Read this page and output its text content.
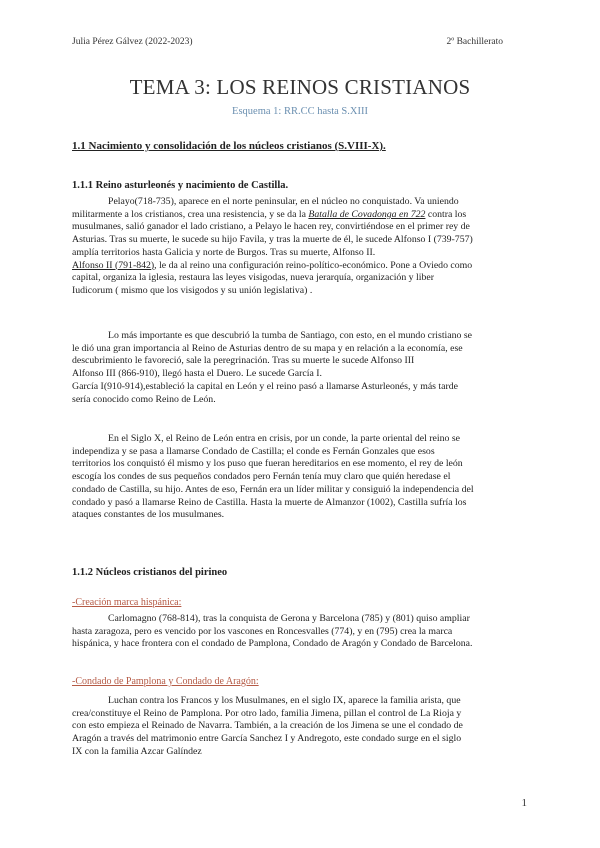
Julia Pérez Gálvez (2022-2023)	2º Bachillerato
TEMA 3: LOS REINOS CRISTIANOS
Esquema 1: RR.CC hasta S.XIII
1.1 Nacimiento y consolidación de los núcleos cristianos (S.VIII-X).
1.1.1 Reino asturleonés y nacimiento de Castilla.
Pelayo(718-735), aparece en el norte peninsular, en el núcleo no conquistado. Va uniendo
militarmente a los cristianos, crea una resistencia, y se da la Batalla de Covadonga en 722 contra los
musulmanes, salió ganador el lado cristiano, a Pelayo le hacen rey, convirtiéndose en el primer rey de
Asturias. Tras su muerte, le sucede su hijo Favila, y tras la muerte de él, le sucede Alfonso I (739-757)
amplía territorios hasta Galicia y norte de Burgos. Tras su muerte, Alfonso II.
Alfonso II (791-842), le da al reino una configuración reino-político-económico. Pone a Oviedo como
capital, organiza la iglesia, restaura las leyes visigodas, nueva jerarquía, organización y liber
Iudicorum ( mismo que los visigodos y su unión legislativa) .
Lo más importante es que descubrió la tumba de Santiago, con esto, en el mundo cristiano se
le dió una gran importancia al Reino de Asturias dentro de su mapa y en relación a la economía, ese
descubrimiento le favoreció, sale la peregrinación. Tras su muerte le sucede Alfonso III
Alfonso III (866-910), llegó hasta el Duero. Le sucede García I.
García I(910-914),estableció la capital en León y el reino pasó a llamarse Asturleonés, y más tarde
sería conocido como Reino de León.
En el Siglo X, el Reino de León entra en crisis, por un conde, la parte oriental del reino se
independiza y se pasa a llamarse Condado de Castilla; el conde es Fernán Gonzales que esos
territorios los conquistó él mismo y los puso que fueran hereditarios en ese momento, el rey de león
escogía los condes de sus pequeños condados pero Fernán tenía muy claro que quién heredase el
condado de Castilla, su hijo. Antes de eso, Fernán era un líder militar y consiguió la independencia del
condado y pasó a llamarse Reino de Castilla. Hasta la muerte de Almanzor (1002), Castilla sufría los
ataques constantes de los musulmanes.
1.1.2 Núcleos cristianos del pirineo
-Creación marca hispánica:
Carlomagno (768-814), tras la conquista de Gerona y Barcelona (785) y (801) quiso ampliar
hasta zaragoza, pero es vencido por los vascones en Roncesvalles (774), y en (795) crea la marca
hispánica, y hace frontera con el condado de Pamplona, Condado de Aragón y Condado de Barcelona.
-Condado de Pamplona y Condado de Aragón:
Luchan contra los Francos y los Musulmanes, en el siglo IX, aparece la familia arista, que
crea/constituye el Reino de Pamplona. Por otro lado, familia Jimena, pillan el control de La Rioja y
con esto empieza el Reinado de Navarra. También, a la creación de los Jimena se une el condado de
Aragón a través del matrimonio entre García Sanchez I y Andregoto, este condado surge en el siglo
IX con la familia Azcar Galíndez
1
